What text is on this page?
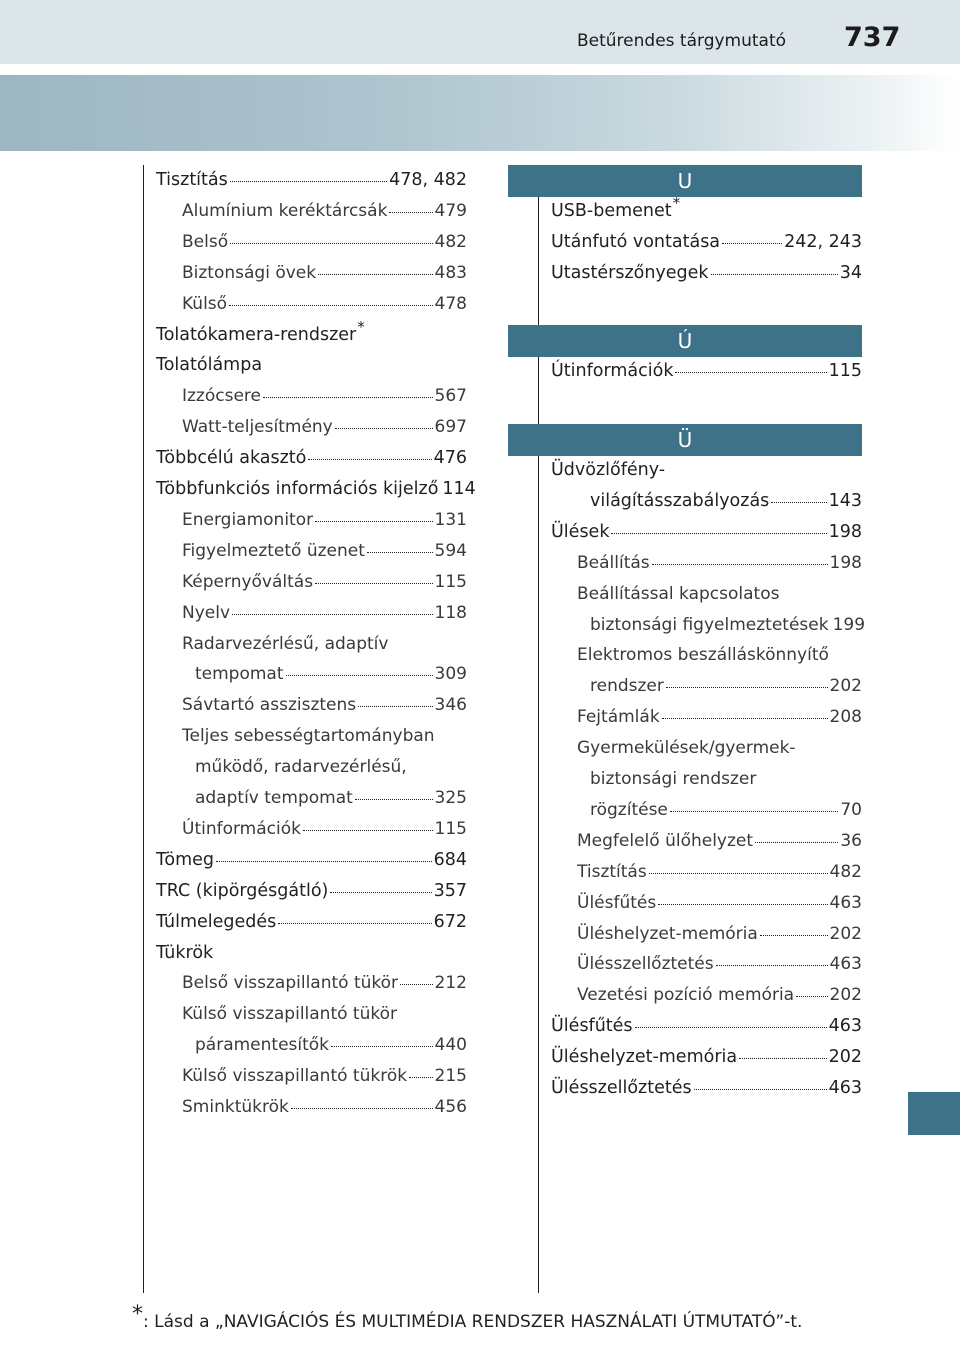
Betűrendes tárgymutató 737
Tisztítás	478, 482
Alumínium keréktárcsák	479
Belső	482
Biztonsági övek	483
Külső	478
Tolatókamera-rendszer *
Tolatólámpa
Izzócsere	567
Watt-teljesítmény	697
Többcélú akasztó	476
Többfunkciós információs kijelző 114
Energiamonitor	131
Figyelmeztető üzenet	594
Képernyőváltás	115
Nyelv	118
Radarvezérlésű, adaptív
tempomat	309
Sávtartó asszisztens	346
Teljes sebességtartományban
működő, radarvezérlésű,
adaptív tempomat	325
Útinformációk	115
Tömeg	684
TRC (kipörgésgátló)	357
Túlmelegedés	672
Tükrök
Belső visszapillantó tükör 212
Külső visszapillantó tükör
páramentesítők	440
Külső visszapillantó tükrök 215
Sminktükrök	456
U
USB-bemenet *
Utánfutó vontatása	242, 243
Utastérszőnyegek	34
Ú
Útinformációk	115
Ü
Üdvözlőfény-
világításszabályozás	143
Ülések	198
Beállítás	198
Beállítással kapcsolatos
biztonsági figyelmeztetések 199
Elektromos beszálláskönnyítő
rendszer	202
Fejtámlák	208
Gyermekülések/gyermek-
biztonsági rendszer
rögzítése	70
Megfelelő ülőhelyzet	36
Tisztítás	482
Ülésfűtés	463
Üléshelyzet-memória	202
Ülésszellőztetés	463
Vezetési pozíció memória 202
Ülésfűtés	463
Üléshelyzet-memória	202
Ülésszellőztetés	463
*: Lásd a „NAVIGÁCIÓS ÉS MULTIMÉDIA RENDSZER HASZNÁLATI ÚTMUTATÓ”-t.
